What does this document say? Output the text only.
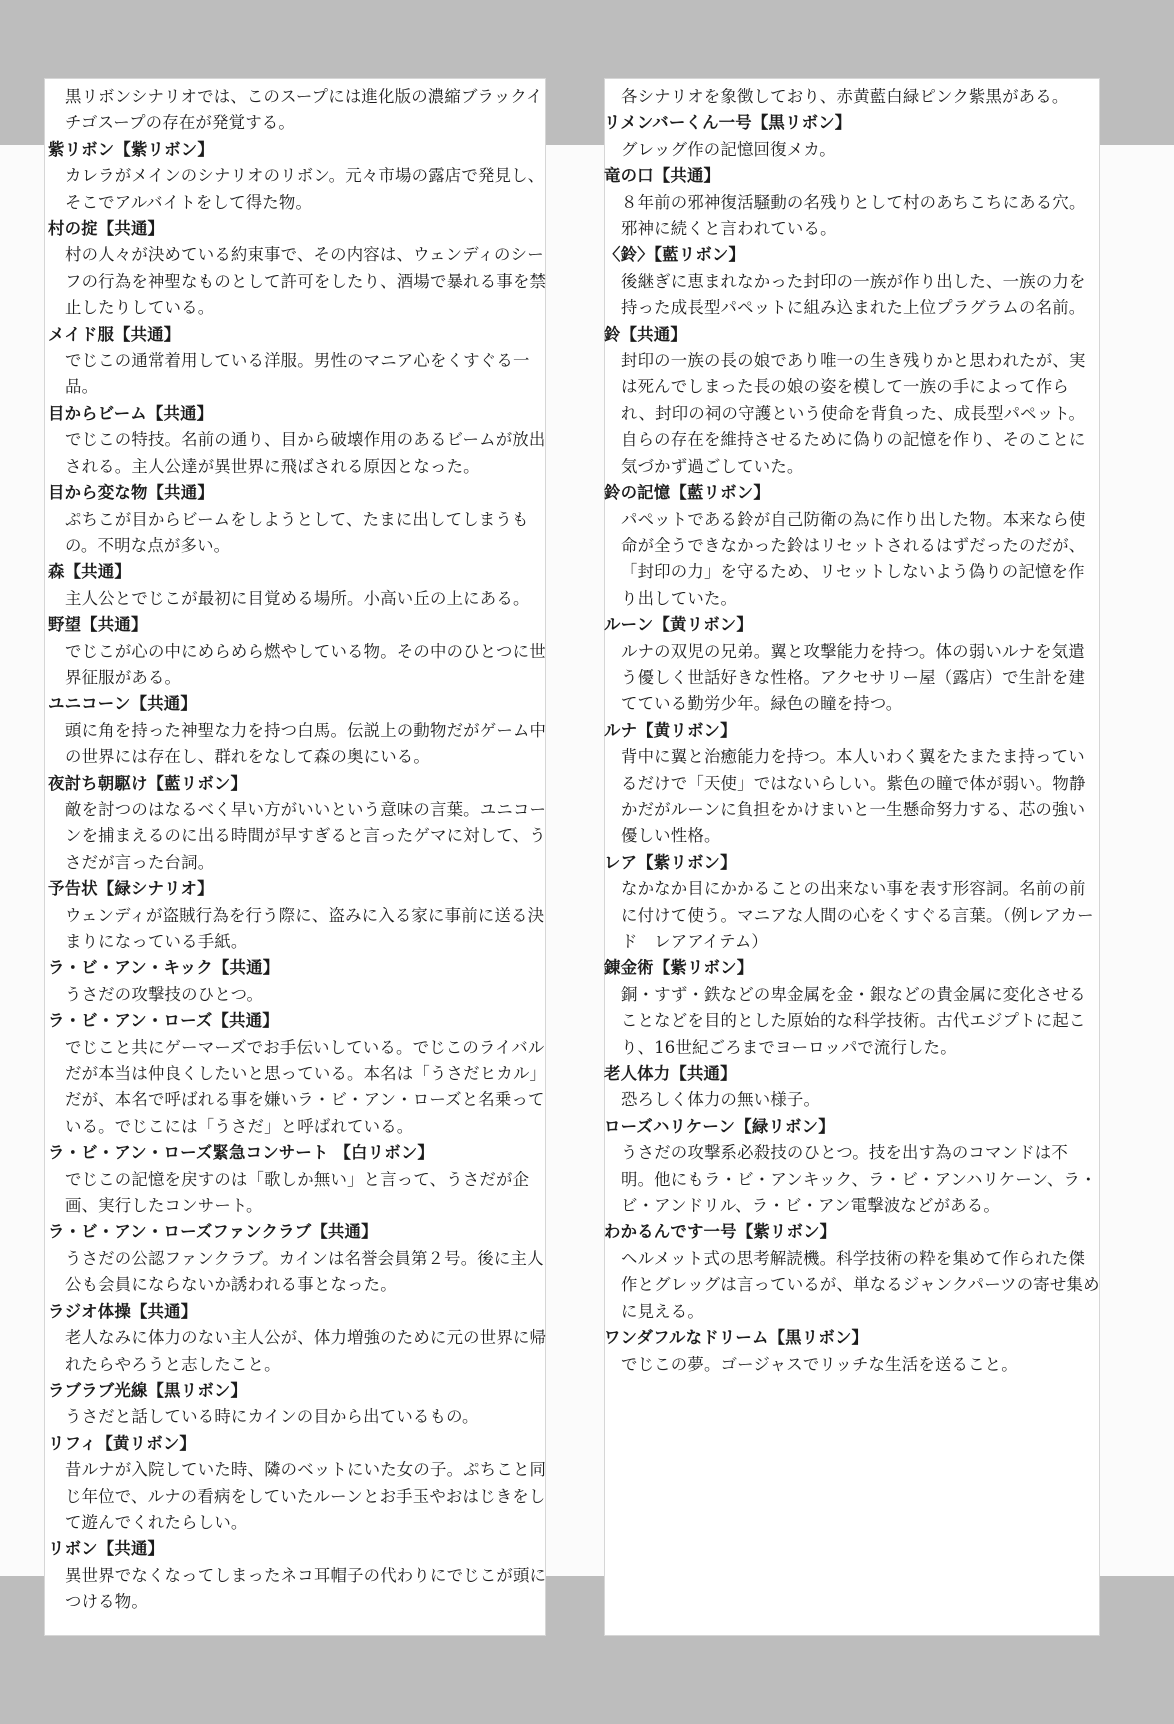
黒リボンシナリオでは、このスープには進化版の濃縮ブラックイチゴスープの存在が発覚する。

紫リボン【紫リボン】
カレラがメインのシナリオのリボン。元々市場の露店で発見し、そこでアルバイトをして得た物。
村の掟【共通】
村の人々が決めている約束事で、その内容は、ウェンディのシーフの行為を神聖なものとして許可をしたり、酒場で暴れる事を禁止したりしている。
メイド服【共通】
でじこの通常着用している洋服。男性のマニア心をくすぐる一品。
目からビーム【共通】
でじこの特技。名前の通り、目から破壊作用のあるビームが放出される。主人公達が異世界に飛ばされる原因となった。
目から変な物【共通】
ぷちこが目からビームをしようとして、たまに出してしまうもの。不明な点が多い。
森【共通】
主人公とでじこが最初に目覚める場所。小高い丘の上にある。
野望【共通】
でじこが心の中にめらめら燃やしている物。その中のひとつに世界征服がある。
ユニコーン【共通】
頭に角を持った神聖な力を持つ白馬。伝説上の動物だがゲーム中の世界には存在し、群れをなして森の奥にいる。
夜討ち朝駆け【藍リボン】
敵を討つのはなるべく早い方がいいという意味の言葉。ユニコーンを捕まえるのに出る時間が早すぎると言ったゲマに対して、うさだが言った台詞。
予告状【緑シナリオ】
ウェンディが盗賊行為を行う際に、盗みに入る家に事前に送る決まりになっている手紙。
ラ・ビ・アン・キック【共通】
うさだの攻撃技のひとつ。
ラ・ビ・アン・ローズ【共通】
でじこと共にゲーマーズでお手伝いしている。でじこのライバルだが本当は仲良くしたいと思っている。本名は「うさだヒカル」だが、本名で呼ばれる事を嫌いラ・ビ・アン・ローズと名乗っている。でじこには「うさだ」と呼ばれている。
ラ・ビ・アン・ローズ緊急コンサート 【白リボン】
でじこの記憶を戻すのは「歌しか無い」と言って、うさだが企画、実行したコンサート。
ラ・ビ・アン・ローズファンクラブ【共通】
うさだの公認ファンクラブ。カインは名誉会員第２号。後に主人公も会員にならないか誘われる事となった。
ラジオ体操【共通】
老人なみに体力のない主人公が、体力増強のために元の世界に帰れたらやろうと志したこと。
ラブラブ光線【黒リボン】
うさだと話している時にカインの目から出ているもの。
リフィ【黄リボン】
昔ルナが入院していた時、隣のベットにいた女の子。ぷちこと同じ年位で、ルナの看病をしていたルーンとお手玉やおはじきをして遊んでくれたらしい。
リボン【共通】
異世界でなくなってしまったネコ耳帽子の代わりにでじこが頭につける物。

各シナリオを象徴しており、赤黄藍白緑ピンク紫黒がある。

リメンバーくん一号【黒リボン】
グレッグ作の記憶回復メカ。
竜の口【共通】
８年前の邪神復活騒動の名残りとして村のあちこちにある穴。邪神に続くと言われている。
〈鈴〉【藍リボン】
後継ぎに恵まれなかった封印の一族が作り出した、一族の力を持った成長型パペットに組み込まれた上位プラグラムの名前。
鈴【共通】
封印の一族の長の娘であり唯一の生き残りかと思われたが、実は死んでしまった長の娘の姿を模して一族の手によって作られ、封印の祠の守護という使命を背負った、成長型パペット。自らの存在を維持させるために偽りの記憶を作り、そのことに気づかず過ごしていた。
鈴の記憶【藍リボン】
パペットである鈴が自己防衛の為に作り出した物。本来なら使命が全うできなかった鈴はリセットされるはずだったのだが、「封印の力」を守るため、リセットしないよう偽りの記憶を作り出していた。
ルーン【黄リボン】
ルナの双児の兄弟。翼と攻撃能力を持つ。体の弱いルナを気遣う優しく世話好きな性格。アクセサリー屋（露店）で生計を建てている勤労少年。緑色の瞳を持つ。
ルナ【黄リボン】
背中に翼と治癒能力を持つ。本人いわく翼をたまたま持っているだけで「天使」ではないらしい。紫色の瞳で体が弱い。物静かだがルーンに負担をかけまいと一生懸命努力する、芯の強い優しい性格。
レア【紫リボン】
なかなか目にかかることの出来ない事を表す形容詞。名前の前に付けて使う。マニアな人間の心をくすぐる言葉。（例レアカード　レアアイテム）
錬金術【紫リボン】
銅・すず・鉄などの卑金属を金・銀などの貴金属に変化させることなどを目的とした原始的な科学技術。古代エジプトに起こり、16世紀ごろまでヨーロッパで流行した。
老人体力【共通】
恐ろしく体力の無い様子。
ローズハリケーン【緑リボン】
うさだの攻撃系必殺技のひとつ。技を出す為のコマンドは不明。他にもラ・ビ・アンキック、ラ・ビ・アンハリケーン、ラ・ビ・アンドリル、ラ・ビ・アン電撃波などがある。
わかるんです一号【紫リボン】
ヘルメット式の思考解読機。科学技術の粋を集めて作られた傑作とグレッグは言っているが、単なるジャンクパーツの寄せ集めに見える。
ワンダフルなドリーム【黒リボン】
でじこの夢。ゴージャスでリッチな生活を送ること。
